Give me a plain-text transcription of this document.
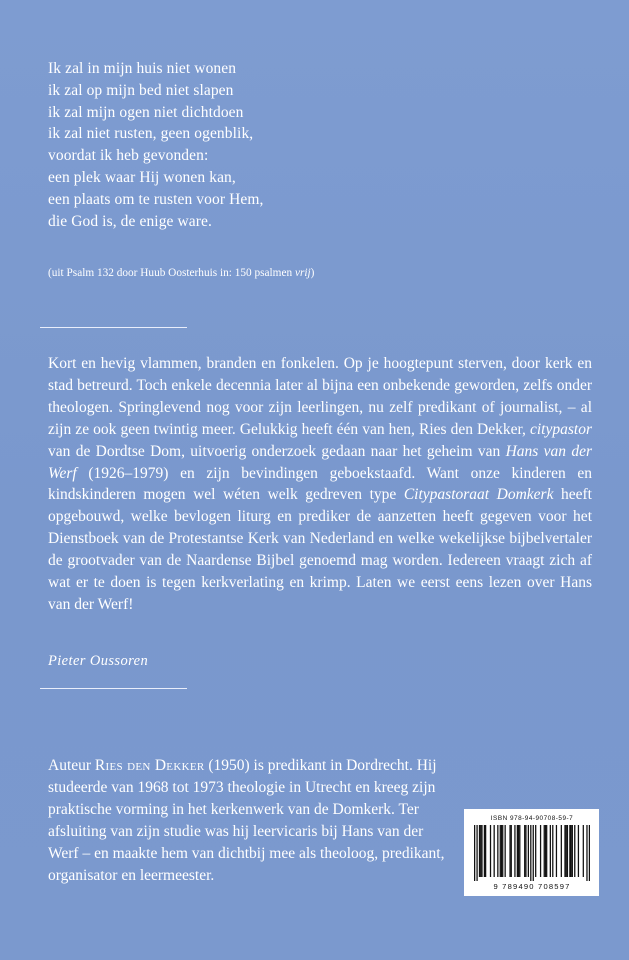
Ik zal in mijn huis niet wonen
ik zal op mijn bed niet slapen
ik zal mijn ogen niet dichtdoen
ik zal niet rusten, geen ogenblik,
voordat ik heb gevonden:
een plek waar Hij wonen kan,
een plaats om te rusten voor Hem,
die God is, de enige ware.
(uit Psalm 132 door Huub Oosterhuis in: 150 psalmen vrij)

Kort en hevig vlammen, branden en fonkelen. Op je hoogtepunt sterven, door kerk en stad betreurd. Toch enkele decennia later al bijna een onbekende geworden, zelfs onder theologen. Springlevend nog voor zijn leerlingen, nu zelf predikant of journalist, – al zijn ze ook geen twintig meer. Gelukkig heeft één van hen, Ries den Dekker, citypastor van de Dordtse Dom, uitvoerig onderzoek gedaan naar het geheim van Hans van der Werf (1926–1979) en zijn bevindingen geboekstaafd. Want onze kinderen en kindskinderen mogen wel wéten welk gedreven type Citypastoraat Domkerk heeft opgebouwd, welke bevlogen liturg en prediker de aanzetten heeft gegeven voor het Dienstboek van de Protestantse Kerk van Nederland en welke wekelijkse bijbelvertaler de grootvader van de Naardense Bijbel genoemd mag worden. Iedereen vraagt zich af wat er te doen is tegen kerkverlating en krimp. Laten we eerst eens lezen over Hans van der Werf!

Pieter Oussoren

Auteur Ries den Dekker (1950) is predikant in Dordrecht. Hij studeerde van 1968 tot 1973 theologie in Utrecht en kreeg zijn praktische vorming in het kerkenwerk van de Domkerk. Ter afsluiting van zijn studie was hij leervicaris bij Hans van der Werf – en maakte hem van dichtbij mee als theoloog, predikant, organisator en leermeester.

ISBN 978-94-90708-59-7
9 789490 708597
